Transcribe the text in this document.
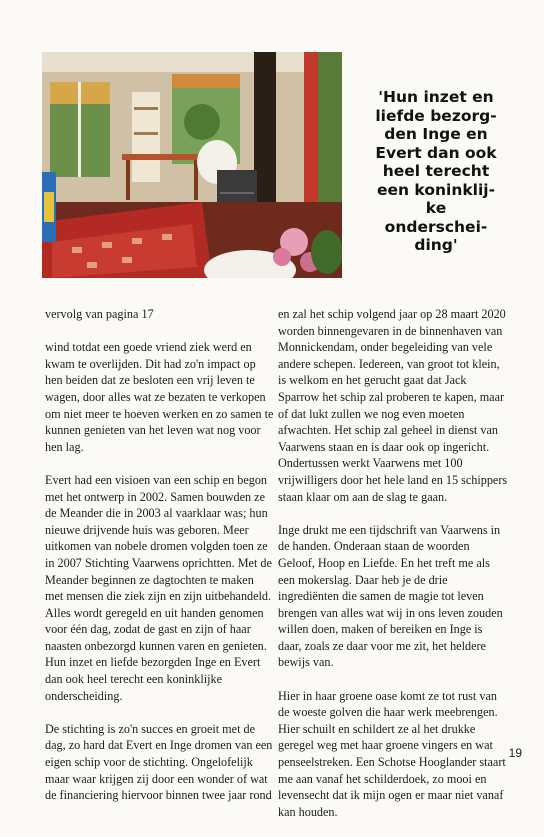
'Hun inzet en liefde bezorg-den Inge en Evert dan ook heel terecht een koninklij-ke onderschei-ding'

vervolg van pagina 17

wind totdat een goede vriend ziek werd en kwam te overlijden. Dit had zo'n impact op hen beiden dat ze besloten een vrij leven te wagen, door alles wat ze bezaten te verkopen om niet meer te hoeven werken en zo samen te kunnen genieten van het leven wat nog voor hen lag.

Evert had een visioen van een schip en begon met het ontwerp in 2002. Samen bouwden ze de Meander die in 2003 al vaarklaar was; hun nieuwe drijvende huis was geboren. Meer uitkomen van nobele dromen volgden toen ze in 2007 Stichting Vaarwens oprichtten. Met de Meander beginnen ze dagtochten te maken met mensen die ziek zijn en zijn uitbehandeld. Alles wordt geregeld en uit handen genomen voor één dag, zodat de gast en zijn of haar naasten onbezorgd kunnen varen en genieten. Hun inzet en liefde bezorgden Inge en Evert dan ook heel terecht een koninklijke onderscheiding.

De stichting is zo'n succes en groeit met de dag, zo hard dat Evert en Inge dromen van een eigen schip voor de stichting. Ongelofelijk maar waar krijgen zij door een wonder of wat de financiering hiervoor binnen twee jaar rond

en zal het schip volgend jaar op 28 maart 2020 worden binnengevaren in de binnenhaven van Monnickendam, onder begeleiding van vele andere schepen. Iedereen, van groot tot klein, is welkom en het gerucht gaat dat Jack Sparrow het schip zal proberen te kapen, maar of dat lukt zullen we nog even moeten afwachten. Het schip zal geheel in dienst van Vaarwens staan en is daar ook op ingericht. Ondertussen werkt Vaarwens met 100 vrijwilligers door het hele land en 15 schippers staan klaar om aan de slag te gaan.

Inge drukt me een tijdschrift van Vaarwens in de handen. Onderaan staan de woorden Geloof, Hoop en Liefde. En het treft me als een mokerslag. Daar heb je de drie ingrediënten die samen de magie tot leven brengen van alles wat wij in ons leven zouden willen doen, maken of bereiken en Inge is daar, zoals ze daar voor me zit, het heldere bewijs van.

Hier in haar groene oase komt ze tot rust van de woeste golven die haar werk meebrengen. Hier schuilt en schildert ze al het drukke geregel weg met haar groene vingers en wat penseelstreken. Een Schotse Hooglander staart me aan vanaf het schilderdoek, zo mooi en levensecht dat ik mijn ogen er maar niet vanaf kan houden.

19
